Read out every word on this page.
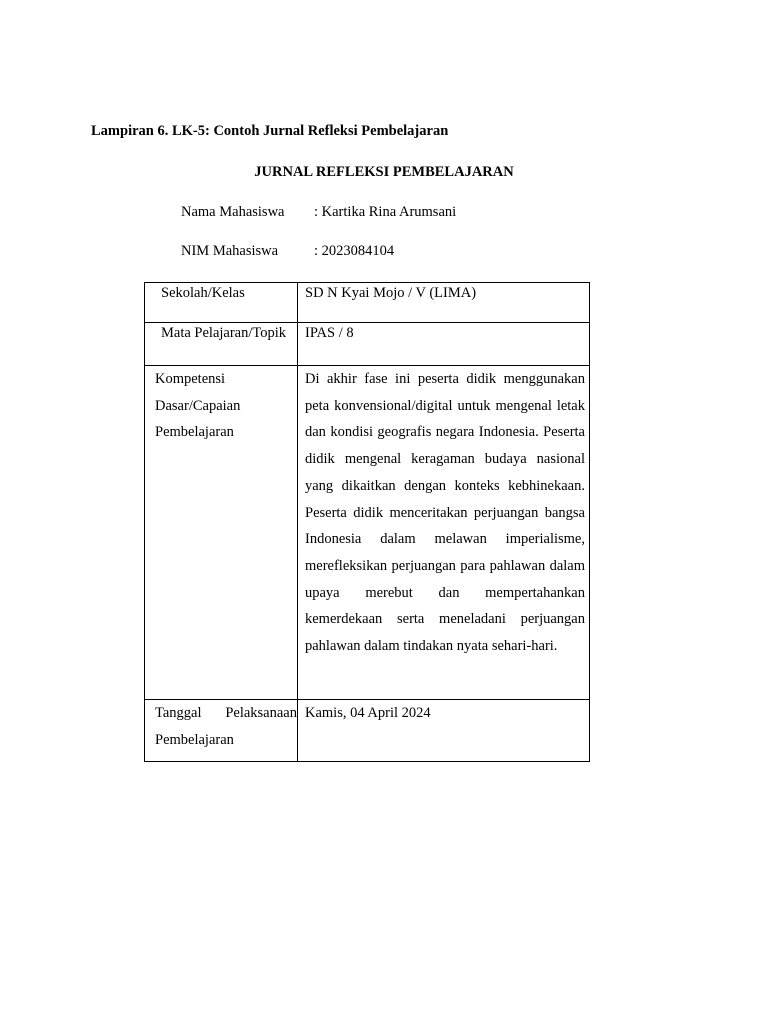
Lampiran 6. LK-5: Contoh Jurnal Refleksi Pembelajaran
JURNAL REFLEKSI PEMBELAJARAN
Nama Mahasiswa : Kartika Rina Arumsani
NIM Mahasiswa : 2023084104
Sekolah/Kelas	SD N Kyai Mojo / V (LIMA)

Mata Pelajaran/Topik	IPAS / 8

Kompetensi Dasar/Capaian Pembelajaran	Di akhir fase ini peserta didik menggunakan peta konvensional/digital untuk mengenal letak dan kondisi geografis negara Indonesia. Peserta didik mengenal keragaman budaya nasional yang dikaitkan dengan konteks kebhinekaan. Peserta didik menceritakan perjuangan bangsa Indonesia dalam melawan imperialisme, merefleksikan perjuangan para pahlawan dalam upaya merebut dan mempertahankan kemerdekaan serta meneladani perjuangan pahlawan dalam tindakan nyata sehari-hari.

Tanggal Pelaksanaan Pembelajaran	Kamis, 04 April 2024
